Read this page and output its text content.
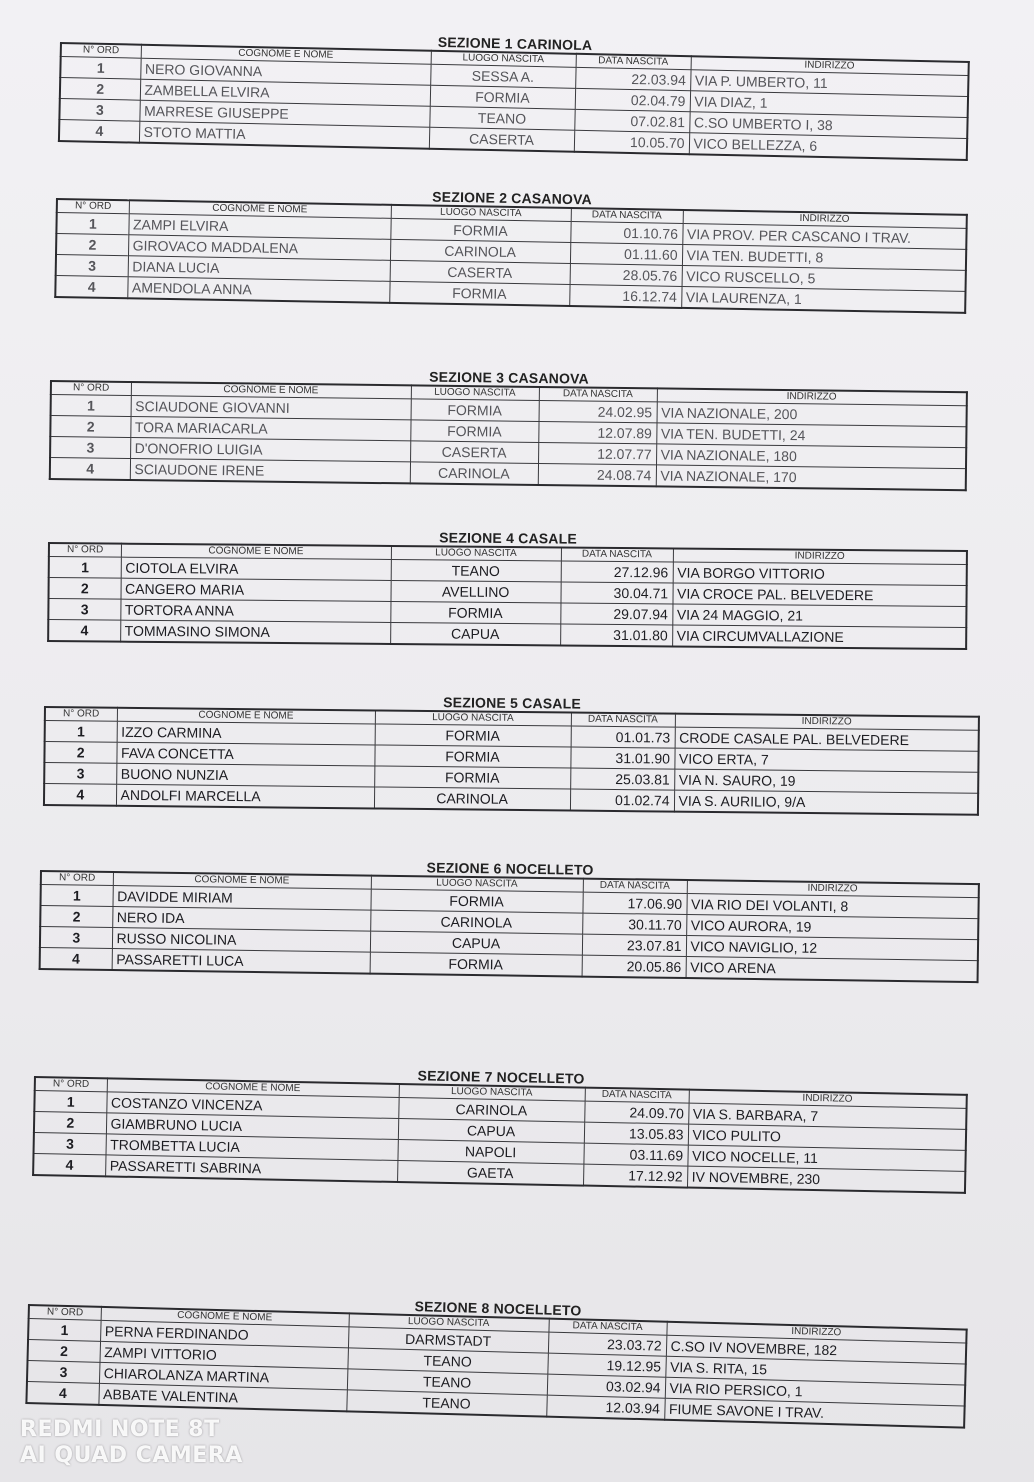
SEZIONE 1 CARINOLA
N° ORD	COGNOME E NOME	LUOGO NASCITA	DATA NASCITA	INDIRIZZO
1	NERO GIOVANNA	SESSA A.	22.03.94	VIA P. UMBERTO, 11
2	ZAMBELLA ELVIRA	FORMIA	02.04.79	VIA DIAZ, 1
3	MARRESE GIUSEPPE	TEANO	07.02.81	C.SO UMBERTO I, 38
4	STOTO MATTIA	CASERTA	10.05.70	VICO BELLEZZA, 6
SEZIONE 2 CASANOVA
N° ORD	COGNOME E NOME	LUOGO NASCITA	DATA NASCITA	INDIRIZZO
1	ZAMPI ELVIRA	FORMIA	01.10.76	VIA PROV. PER CASCANO I TRAV.
2	GIROVACO MADDALENA	CARINOLA	01.11.60	VIA TEN. BUDETTI, 8
3	DIANA LUCIA	CASERTA	28.05.76	VICO RUSCELLO, 5
4	AMENDOLA ANNA	FORMIA	16.12.74	VIA LAURENZA, 1
SEZIONE 3 CASANOVA
N° ORD	COGNOME E NOME	LUOGO NASCITA	DATA NASCITA	INDIRIZZO
1	SCIAUDONE GIOVANNI	FORMIA	24.02.95	VIA NAZIONALE, 200
2	TORA MARIACARLA	FORMIA	12.07.89	VIA TEN. BUDETTI, 24
3	D'ONOFRIO LUIGIA	CASERTA	12.07.77	VIA NAZIONALE, 180
4	SCIAUDONE IRENE	CARINOLA	24.08.74	VIA NAZIONALE, 170
SEZIONE 4 CASALE
N° ORD	COGNOME E NOME	LUOGO NASCITA	DATA NASCITA	INDIRIZZO
1	CIOTOLA ELVIRA	TEANO	27.12.96	VIA BORGO VITTORIO
2	CANGERO MARIA	AVELLINO	30.04.71	VIA CROCE PAL. BELVEDERE
3	TORTORA ANNA	FORMIA	29.07.94	VIA 24 MAGGIO, 21
4	TOMMASINO SIMONA	CAPUA	31.01.80	VIA CIRCUMVALLAZIONE
SEZIONE 5 CASALE
N° ORD	COGNOME E NOME	LUOGO NASCITA	DATA NASCITA	INDIRIZZO
1	IZZO CARMINA	FORMIA	01.01.73	CRODE CASALE PAL. BELVEDERE
2	FAVA CONCETTA	FORMIA	31.01.90	VICO ERTA, 7
3	BUONO NUNZIA	FORMIA	25.03.81	VIA N. SAURO, 19
4	ANDOLFI MARCELLA	CARINOLA	01.02.74	VIA S. AURILIO, 9/A
SEZIONE 6 NOCELLETO
N° ORD	COGNOME E NOME	LUOGO NASCITA	DATA NASCITA	INDIRIZZO
1	DAVIDDE MIRIAM	FORMIA	17.06.90	VIA RIO DEI VOLANTI, 8
2	NERO IDA	CARINOLA	30.11.70	VICO AURORA, 19
3	RUSSO NICOLINA	CAPUA	23.07.81	VICO NAVIGLIO, 12
4	PASSARETTI LUCA	FORMIA	20.05.86	VICO ARENA
SEZIONE 7 NOCELLETO
N° ORD	COGNOME E NOME	LUOGO NASCITA	DATA NASCITA	INDIRIZZO
1	COSTANZO VINCENZA	CARINOLA	24.09.70	VIA S. BARBARA, 7
2	GIAMBRUNO LUCIA	CAPUA	13.05.83	VICO PULITO
3	TROMBETTA LUCIA	NAPOLI	03.11.69	VICO NOCELLE, 11
4	PASSARETTI SABRINA	GAETA	17.12.92	IV NOVEMBRE, 230
SEZIONE 8 NOCELLETO
N° ORD	COGNOME E NOME	LUOGO NASCITA	DATA NASCITA	INDIRIZZO
1	PERNA FERDINANDO	DARMSTADT	23.03.72	C.SO IV NOVEMBRE, 182
2	ZAMPI VITTORIO	TEANO	19.12.95	VIA S. RITA, 15
3	CHIAROLANZA MARTINA	TEANO	03.02.94	VIA RIO PERSICO, 1
4	ABBATE VALENTINA	TEANO	12.03.94	FIUME SAVONE I TRAV.
REDMI NOTE 8T
AI QUAD CAMERA
